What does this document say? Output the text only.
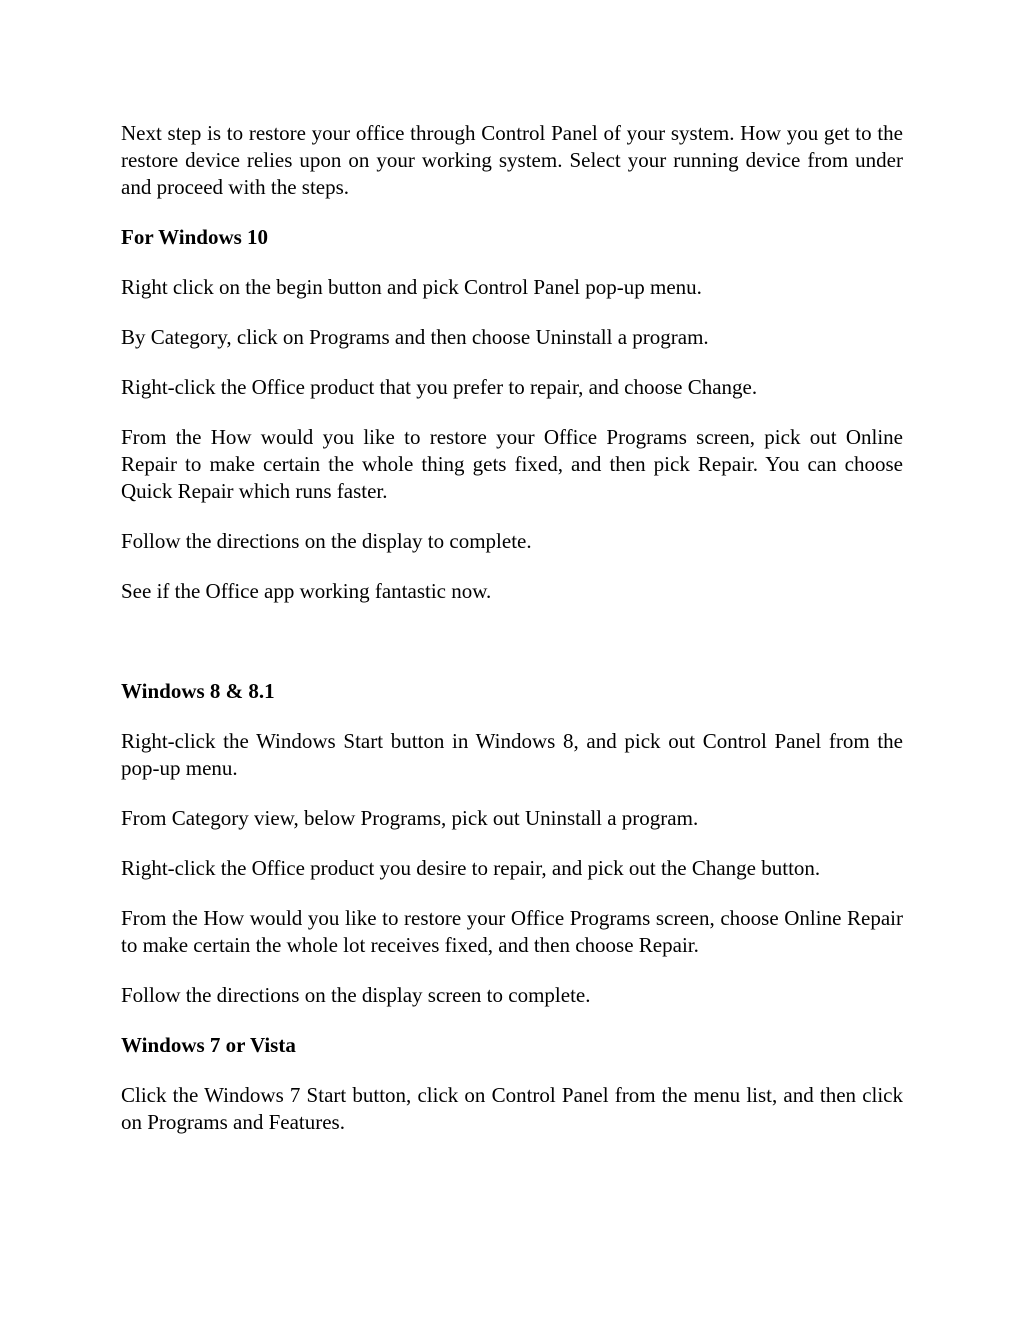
Next step is to restore your office through Control Panel of your system. How you get to the restore device relies upon on your working system. Select your running device from under and proceed with the steps.

For Windows 10

Right click on the begin button and pick Control Panel pop-up menu.

By Category, click on Programs and then choose Uninstall a program.

Right-click the Office product that you prefer to repair, and choose Change.

From the How would you like to restore your Office Programs screen, pick out Online Repair to make certain the whole thing gets fixed, and then pick Repair. You can choose Quick Repair which runs faster.

Follow the directions on the display to complete.

See if the Office app working fantastic now.

Windows 8 & 8.1

Right-click the Windows Start button in Windows 8, and pick out Control Panel from the pop-up menu.

From Category view, below Programs, pick out Uninstall a program.

Right-click the Office product you desire to repair, and pick out the Change button.

From the How would you like to restore your Office Programs screen, choose Online Repair to make certain the whole lot receives fixed, and then choose Repair.

Follow the directions on the display screen to complete.

Windows 7 or Vista

Click the Windows 7 Start button, click on Control Panel from the menu list, and then click on Programs and Features.
